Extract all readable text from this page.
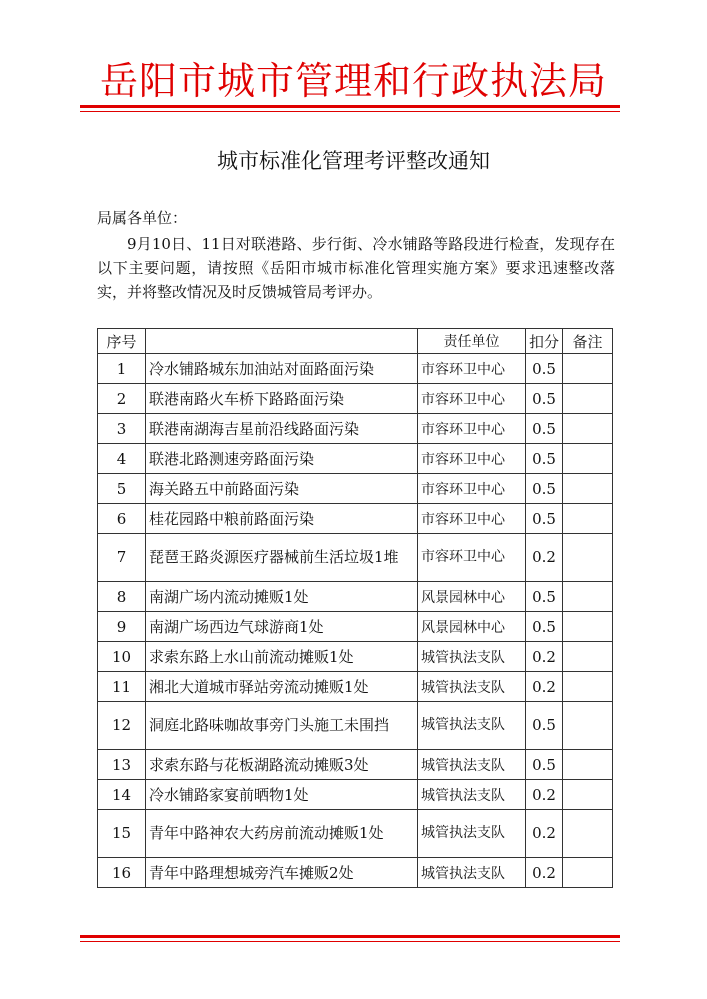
岳阳市城市管理和行政执法局
城市标准化管理考评整改通知
局属各单位：
9月10日、11日对联港路、步行街、冷水铺路等路段进行检查，发现存在以下主要问题，请按照《岳阳市城市标准化管理实施方案》要求迅速整改落 实，并将整改情况及时反馈城管局考评办。
序号		责任单位	扣分	备注
1	冷水铺路城东加油站对面路面污染	市容环卫中心	0.5	
2	联港南路火车桥下路路面污染	市容环卫中心	0.5	
3	联港南湖海吉星前沿线路面污染	市容环卫中心	0.5	
4	联港北路测速旁路面污染	市容环卫中心	0.5	
5	海关路五中前路面污染	市容环卫中心	0.5	
6	桂花园路中粮前路面污染	市容环卫中心	0.5	
7	琵琶王路炎源医疗器械前生活垃圾1堆	市容环卫中心	0.2	
8	南湖广场内流动摊贩1处	风景园林中心	0.5	
9	南湖广场西边气球游商1处	风景园林中心	0.5	
10	求索东路上水山前流动摊贩1处	城管执法支队	0.2	
11	湘北大道城市驿站旁流动摊贩1处	城管执法支队	0.2	
12	洞庭北路味咖故事旁门头施工未围挡	城管执法支队	0.5	
13	求索东路与花板湖路流动摊贩3处	城管执法支队	0.5	
14	冷水铺路家宴前晒物1处	城管执法支队	0.2	
15	青年中路神农大药房前流动摊贩1处	城管执法支队	0.2	
16	青年中路理想城旁汽车摊贩2处	城管执法支队	0.2	
